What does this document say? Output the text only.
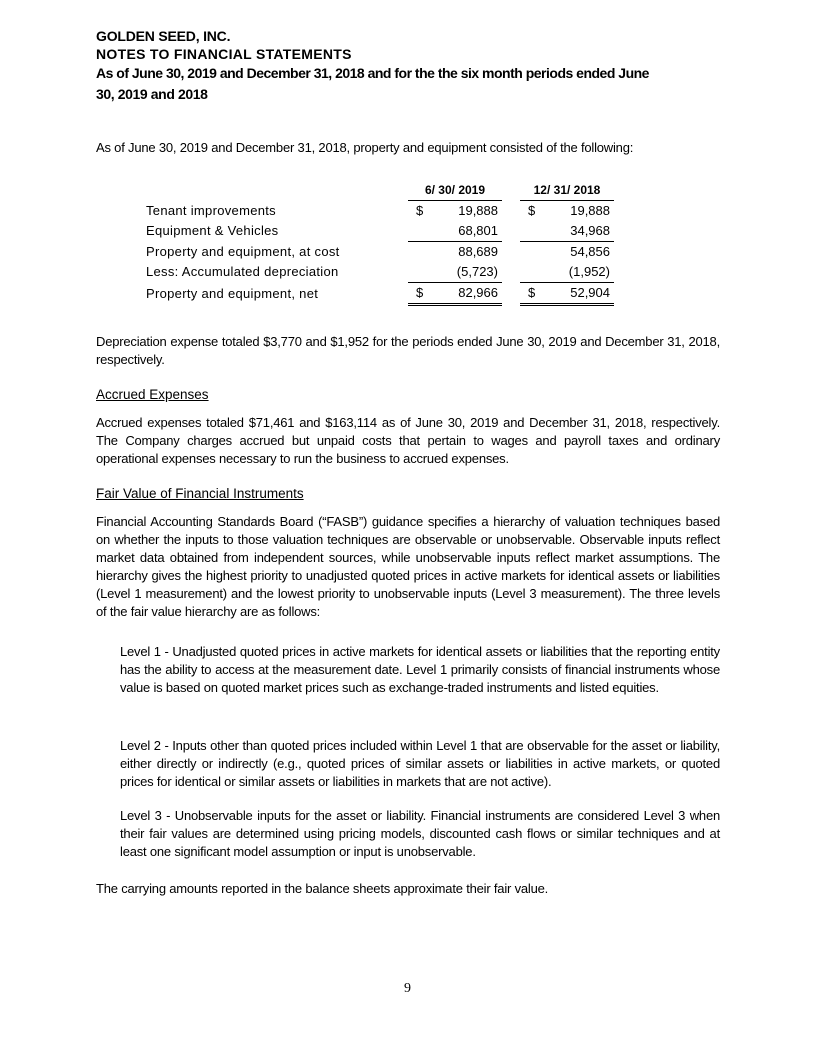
GOLDEN SEED, INC.
NOTES TO FINANCIAL STATEMENTS
As of June 30, 2019 and December 31, 2018 and for the the six month periods ended June
30, 2019 and 2018
As of June 30, 2019 and December 31, 2018, property and equipment consisted of the following:
	6/ 30/ 2019			12/ 31/ 2018	
Tenant improvements	$	19,888		$	19,888
Equipment & Vehicles		68,801			34,968
Property and equipment, at cost		88,689			54,856
Less: Accumulated depreciation		(5,723)			(1,952)
Property and equipment, net	$	82,966		$	52,904
Depreciation expense totaled $3,770 and $1,952 for the periods ended June 30, 2019 and December 31, 2018, respectively.
Accrued Expenses
Accrued expenses totaled $71,461 and $163,114 as of June 30, 2019 and December 31, 2018, respectively. The Company charges accrued but unpaid costs that pertain to wages and payroll taxes and ordinary operational expenses necessary to run the business to accrued expenses.
Fair Value of Financial Instruments
Financial Accounting Standards Board (“FASB”) guidance specifies a hierarchy of valuation techniques based on whether the inputs to those valuation techniques are observable or unobservable. Observable inputs reflect market data obtained from independent sources, while unobservable inputs reflect market assumptions. The hierarchy gives the highest priority to unadjusted quoted prices in active markets for identical assets or liabilities (Level 1 measurement) and the lowest priority to unobservable inputs (Level 3 measurement). The three levels of the fair value hierarchy are as follows:
Level 1 - Unadjusted quoted prices in active markets for identical assets or liabilities that the reporting entity has the ability to access at the measurement date. Level 1 primarily consists of financial instruments whose value is based on quoted market prices such as exchange-traded instruments and listed equities.
Level 2 - Inputs other than quoted prices included within Level 1 that are observable for the asset or liability, either directly or indirectly (e.g., quoted prices of similar assets or liabilities in active markets, or quoted prices for identical or similar assets or liabilities in markets that are not active).
Level 3 - Unobservable inputs for the asset or liability. Financial instruments are considered Level 3 when their fair values are determined using pricing models, discounted cash flows or similar techniques and at least one significant model assumption or input is unobservable.
The carrying amounts reported in the balance sheets approximate their fair value.
9
